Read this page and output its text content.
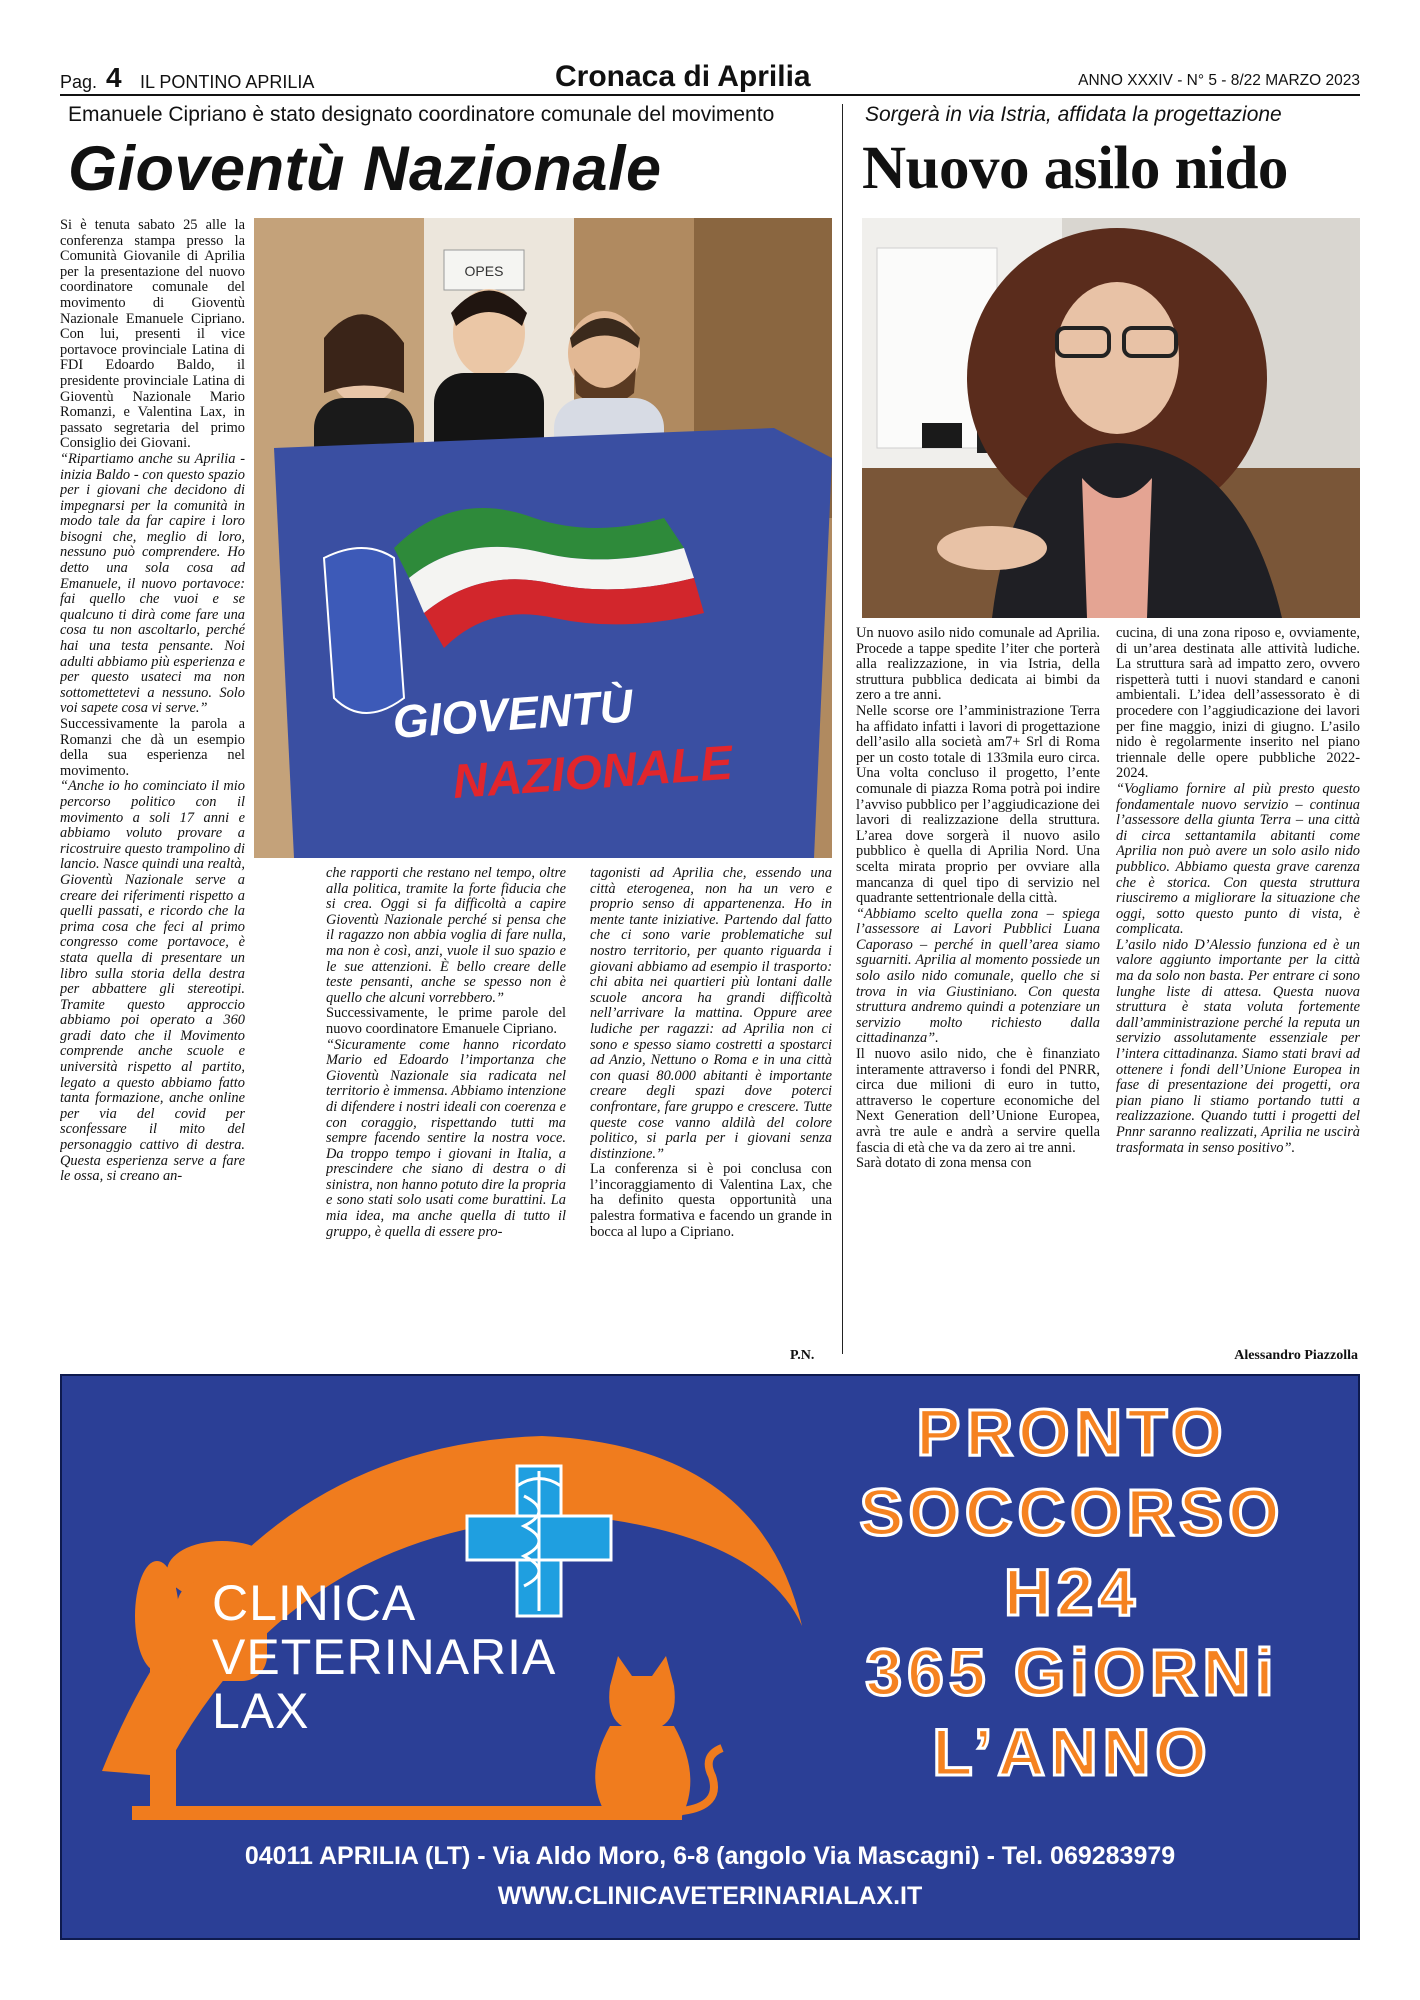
Pag. 4 IL PONTINO APRILIA	Cronaca di Aprilia	ANNO XXXIV - N° 5 - 8/22 MARZO 2023
Emanuele Cipriano è stato designato coordinatore comunale del movimento
Gioventù Nazionale
Sorgerà in via Istria, affidata la progettazione
Nuovo asilo nido
OPES
GIOVENTÙ
NAZIONALE

Si è tenuta sabato 25 alle la conferenza stampa presso la Comunità Giovanile di Aprilia per la presentazione del nuovo coordinatore comunale del movimento di Gioventù Nazionale Emanuele Cipriano. Con lui, presenti il vice portavoce provinciale Latina di FDI Edoardo Baldo, il presidente provinciale Latina di Gioventù Nazionale Mario Romanzi, e Valentina Lax, in passato segretaria del primo Consiglio dei Giovani.

“Ripartiamo anche su Aprilia - inizia Baldo - con questo spazio per i giovani che decidono di impegnarsi per la comunità in modo tale da far capire i loro bisogni che, meglio di loro, nessuno può comprendere. Ho detto una sola cosa ad Emanuele, il nuovo portavoce: fai quello che vuoi e se qualcuno ti dirà come fare una cosa tu non ascoltarlo, perché hai una testa pensante. Noi adulti abbiamo più esperienza e per questo usateci ma non sottomettetevi a nessuno. Solo voi sapete cosa vi serve.”

Successivamente la parola a Romanzi che dà un esempio della sua esperienza nel movimento.

“Anche io ho cominciato il mio percorso politico con il movimento a soli 17 anni e abbiamo voluto provare a ricostruire questo trampolino di lancio. Nasce quindi una realtà, Gioventù Nazionale serve a creare dei riferimenti rispetto a quelli passati, e ricordo che la prima cosa che feci al primo congresso come portavoce, è stata quella di presentare un libro sulla storia della destra per abbattere gli stereotipi. Tramite questo approccio abbiamo poi operato a 360 gradi dato che il Movimento comprende anche scuole e università rispetto al partito, legato a questo abbiamo fatto tanta formazione, anche online per via del covid per sconfessare il mito del personaggio cattivo di destra. Questa esperienza serve a fare le ossa, si creano an-

che rapporti che restano nel tempo, oltre alla politica, tramite la forte fiducia che si crea. Oggi si fa difficoltà a capire Gioventù Nazionale perché si pensa che il ragazzo non abbia voglia di fare nulla, ma non è così, anzi, vuole il suo spazio e le sue attenzioni. È bello creare delle teste pensanti, anche se spesso non è quello che alcuni vorrebbero.”

Successivamente, le prime parole del nuovo coordinatore Emanuele Cipriano.

“Sicuramente come hanno ricordato Mario ed Edoardo l’importanza che Gioventù Nazionale sia radicata nel territorio è immensa. Abbiamo intenzione di difendere i nostri ideali con coerenza e con coraggio, rispettando tutti ma sempre facendo sentire la nostra voce. Da troppo tempo i giovani in Italia, a prescindere che siano di destra o di sinistra, non hanno potuto dire la propria e sono stati solo usati come burattini. La mia idea, ma anche quella di tutto il gruppo, è quella di essere pro-

tagonisti ad Aprilia che, essendo una città eterogenea, non ha un vero e proprio senso di appartenenza. Ho in mente tante iniziative. Partendo dal fatto che ci sono varie problematiche sul nostro territorio, per quanto riguarda i giovani abbiamo ad esempio il trasporto: chi abita nei quartieri più lontani dalle scuole ancora ha grandi difficoltà nell’arrivare la mattina. Oppure aree ludiche per ragazzi: ad Aprilia non ci sono e spesso siamo costretti a spostarci ad Anzio, Nettuno o Roma e in una città con quasi 80.000 abitanti è importante creare degli spazi dove poterci confrontare, fare gruppo e crescere. Tutte queste cose vanno aldilà del colore politico, si parla per i giovani senza distinzione.”

La conferenza si è poi conclusa con l’incoraggiamento di Valentina Lax, che ha definito questa opportunità una palestra formativa e facendo un grande in bocca al lupo a Cipriano.

P.N.

Un nuovo asilo nido comunale ad Aprilia. Procede a tappe spedite l’iter che porterà alla realizzazione, in via Istria, della struttura pubblica dedicata ai bimbi da zero a tre anni.

Nelle scorse ore l’amministrazione Terra ha affidato infatti i lavori di progettazione dell’asilo alla società am7+ Srl di Roma per un costo totale di 133mila euro circa. Una volta concluso il progetto, l’ente comunale di piazza Roma potrà poi indire l’avviso pubblico per l’aggiudicazione dei lavori di realizzazione della struttura. L’area dove sorgerà il nuovo asilo pubblico è quella di Aprilia Nord. Una scelta mirata proprio per ovviare alla mancanza di quel tipo di servizio nel quadrante settentrionale della città.

“Abbiamo scelto quella zona – spiega l’assessore ai Lavori Pubblici Luana Caporaso – perché in quell’area siamo sguarniti. Aprilia al momento possiede un solo asilo nido comunale, quello che si trova in via Giustiniano. Con questa struttura andremo quindi a potenziare un servizio molto richiesto dalla cittadinanza”.

Il nuovo asilo nido, che è finanziato interamente attraverso i fondi del PNRR, circa due milioni di euro in tutto, attraverso le coperture economiche del Next Generation dell’Unione Europea, avrà tre aule e andrà a servire quella fascia di età che va da zero ai tre anni.

Sarà dotato di zona mensa con

cucina, di una zona riposo e, ovviamente, di un’area destinata alle attività ludiche. La struttura sarà ad impatto zero, ovvero rispetterà tutti i nuovi standard e canoni ambientali. L’idea dell’assessorato è di procedere con l’aggiudicazione dei lavori per fine maggio, inizi di giugno. L’asilo nido è regolarmente inserito nel piano triennale delle opere pubbliche 2022-2024.

“Vogliamo fornire al più presto questo fondamentale nuovo servizio – continua l’assessore della giunta Terra – una città di circa settantamila abitanti come Aprilia non può avere un solo asilo nido pubblico. Abbiamo questa grave carenza che è storica. Con questa struttura riusciremo a migliorare la situazione che oggi, sotto questo punto di vista, è complicata.

L’asilo nido D’Alessio funziona ed è un valore aggiunto importante per la città ma da solo non basta. Per entrare ci sono lunghe liste di attesa. Questa nuova struttura è stata voluta fortemente dall’amministrazione perché la reputa un servizio assolutamente essenziale per l’intera cittadinanza. Siamo stati bravi ad ottenere i fondi dell’Unione Europea in fase di presentazione dei progetti, ora pian piano li stiamo portando tutti a realizzazione. Quando tutti i progetti del Pnnr saranno realizzati, Aprilia ne uscirà trasformata in senso positivo”.

Alessandro Piazzolla
CLINICA
VETERINARIA
LAX
PRONTO
SOCCORSO
H24
365 GiORNi
L’ANNO
04011 APRILIA (LT) - Via Aldo Moro, 6-8 (angolo Via Mascagni) - Tel. 069283979
WWW.CLINICAVETERINARIALAX.IT
